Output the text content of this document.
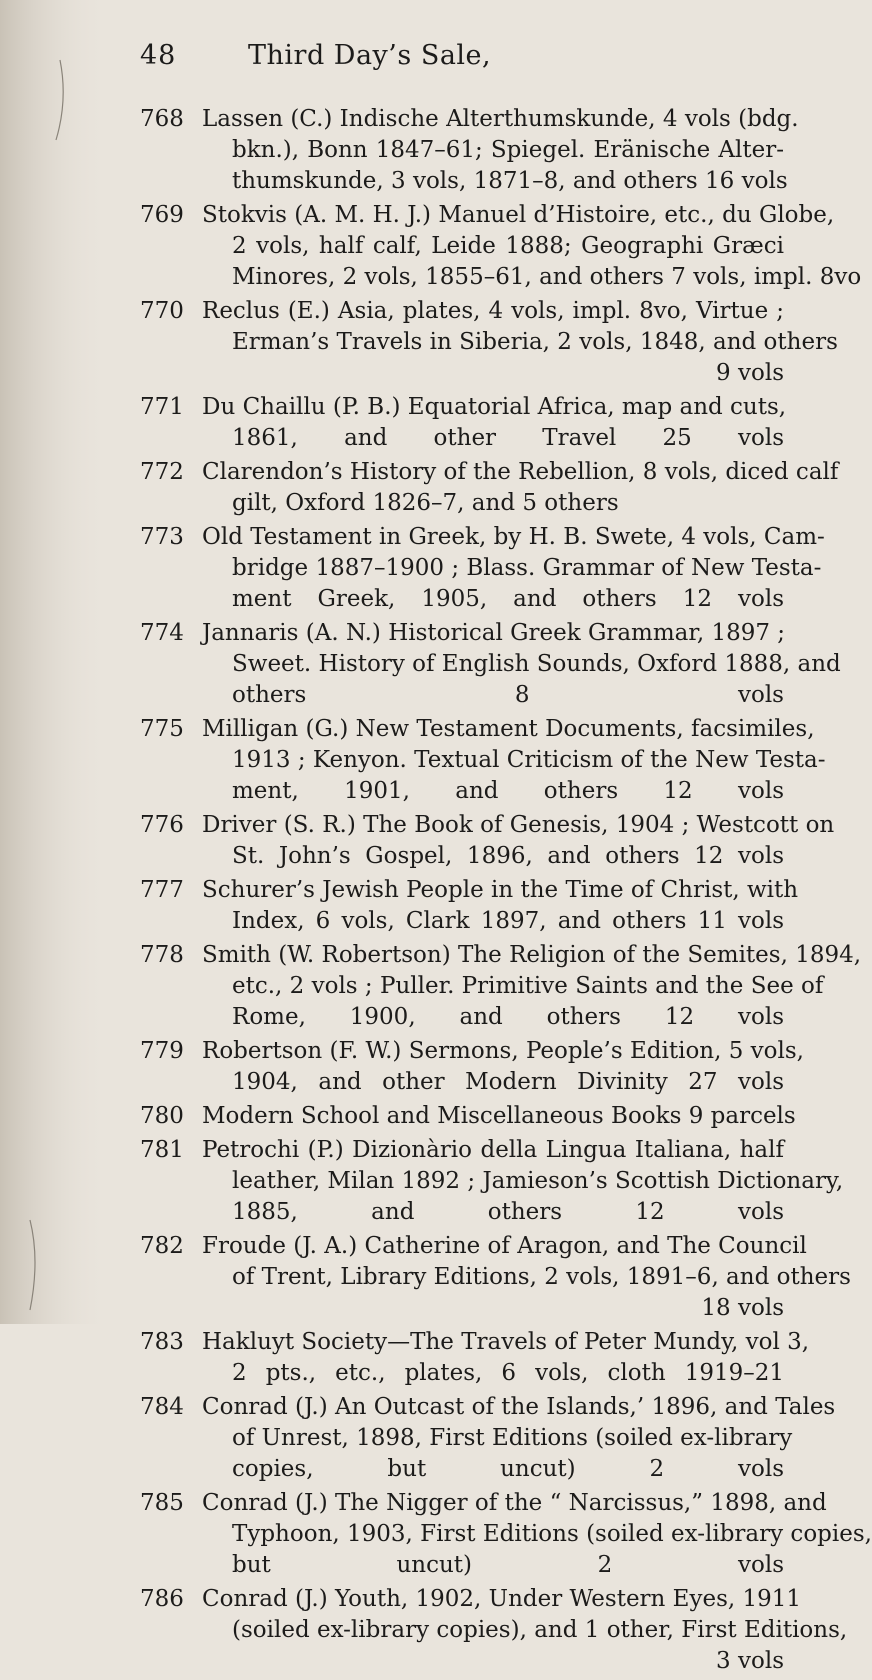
48	Third Day’s Sale,
768 Lassen (C.) Indische Alterthumskunde, 4 vols (bdg.
bkn.), Bonn 1847–61; Spiegel. Eränische Alter-
thumskunde, 3 vols, 1871–8, and others 16 vols
769 Stokvis (A. M. H. J.) Manuel d’Histoire, etc., du Globe,
2 vols, half calf, Leide 1888; Geographi Græci
Minores, 2 vols, 1855–61, and others 7 vols, impl. 8vo
770 Reclus (E.) Asia, plates, 4 vols, impl. 8vo, Virtue ;
Erman’s Travels in Siberia, 2 vols, 1848, and others
9 vols
771 Du Chaillu (P. B.) Equatorial Africa, map and cuts,
1861, and other Travel 25 vols
772 Clarendon’s History of the Rebellion, 8 vols, diced calf
gilt, Oxford 1826–7, and 5 others
773 Old Testament in Greek, by H. B. Swete, 4 vols, Cam-
bridge 1887–1900 ; Blass. Grammar of New Testa-
ment Greek, 1905, and others 12 vols
774 Jannaris (A. N.) Historical Greek Grammar, 1897 ;
Sweet. History of English Sounds, Oxford 1888, and
others 8 vols
775 Milligan (G.) New Testament Documents, facsimiles,
1913 ; Kenyon. Textual Criticism of the New Testa-
ment, 1901, and others 12 vols
776 Driver (S. R.) The Book of Genesis, 1904 ; Westcott on
St. John’s Gospel, 1896, and others 12 vols
777 Schurer’s Jewish People in the Time of Christ, with
Index, 6 vols, Clark 1897, and others 11 vols
778 Smith (W. Robertson) The Religion of the Semites, 1894,
etc., 2 vols ; Puller. Primitive Saints and the See of
Rome, 1900, and others 12 vols
779 Robertson (F. W.) Sermons, People’s Edition, 5 vols,
1904, and other Modern Divinity 27 vols
780 Modern School and Miscellaneous Books 9 parcels
781 Petrochi (P.) Dizionàrio della Lingua Italiana, half
leather, Milan 1892 ; Jamieson’s Scottish Dictionary,
1885, and others 12 vols
782 Froude (J. A.) Catherine of Aragon, and The Council
of Trent, Library Editions, 2 vols, 1891–6, and others
18 vols
783 Hakluyt Society—The Travels of Peter Mundy, vol 3,
2 pts., etc., plates, 6 vols, cloth 1919–21
784 Conrad (J.) An Outcast of the Islands,’ 1896, and Tales
of Unrest, 1898, First Editions (soiled ex-library
copies, but uncut) 2 vols
785 Conrad (J.) The Nigger of the “ Narcissus,” 1898, and
Typhoon, 1903, First Editions (soiled ex-library copies,
but uncut) 2 vols
786 Conrad (J.) Youth, 1902, Under Western Eyes, 1911
(soiled ex-library copies), and 1 other, First Editions,
3 vols
